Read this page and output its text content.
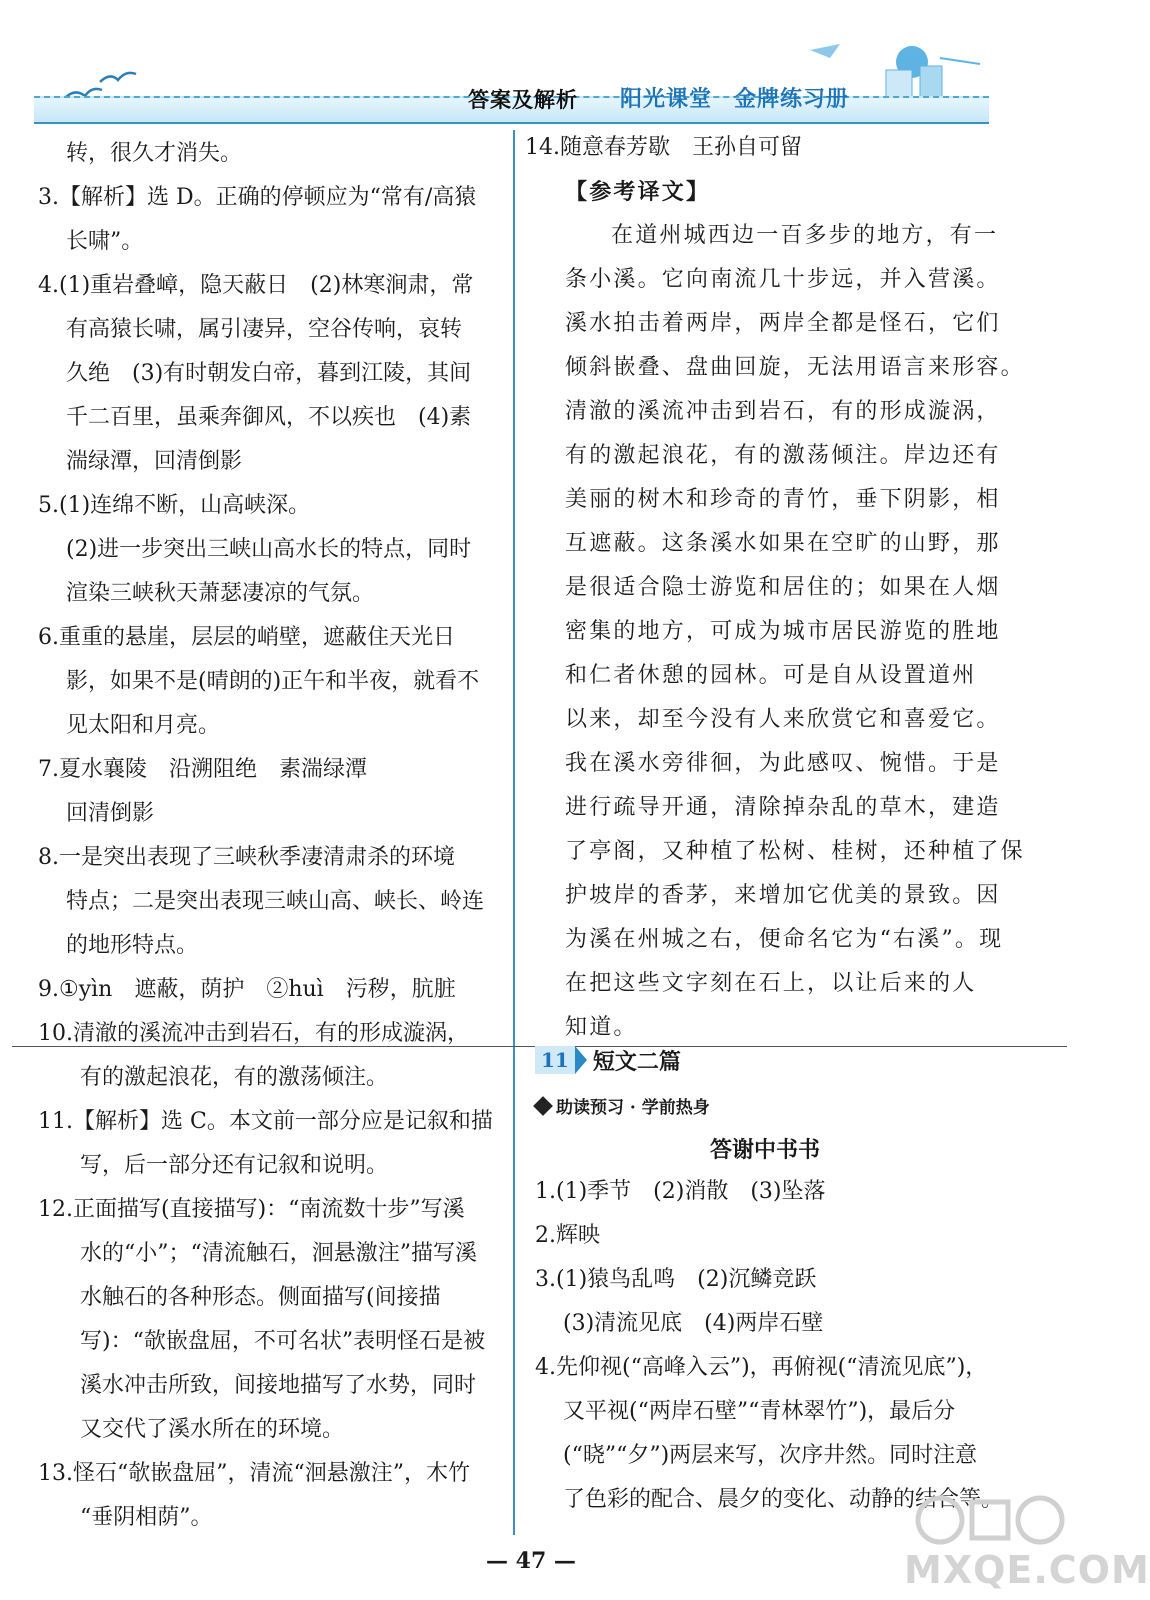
答案及解析 阳光课堂 金牌练习册
转，很久才消失。
3.【解析】选 D。正确的停顿应为“常有/高猿
长啸”。
4.(1)重岩叠嶂，隐天蔽日　(2)林寒涧肃，常
有高猿长啸，属引凄异，空谷传响，哀转
久绝　(3)有时朝发白帝，暮到江陵，其间
千二百里，虽乘奔御风，不以疾也　(4)素
湍绿潭，回清倒影
5.(1)连绵不断，山高峡深。
(2)进一步突出三峡山高水长的特点，同时
渲染三峡秋天萧瑟凄凉的气氛。
6.重重的悬崖，层层的峭壁，遮蔽住天光日
影，如果不是(晴朗的)正午和半夜，就看不
见太阳和月亮。
7.夏水襄陵　沿溯阻绝　素湍绿潭
回清倒影
8.一是突出表现了三峡秋季凄清肃杀的环境
特点；二是突出表现三峡山高、峡长、岭连
的地形特点。
9.①yìn　遮蔽，荫护　②huì　污秽，肮脏
10.清澈的溪流冲击到岩石，有的形成漩涡，
有的激起浪花，有的激荡倾注。
11.【解析】选 C。本文前一部分应是记叙和描
写，后一部分还有记叙和说明。
12.正面描写(直接描写)：“南流数十步”写溪
水的“小”；“清流触石，洄悬激注”描写溪
水触石的各种形态。侧面描写(间接描
写)：“欹嵌盘屈，不可名状”表明怪石是被
溪水冲击所致，间接地描写了水势，同时
又交代了溪水所在的环境。
13.怪石“欹嵌盘屈”，清流“洄悬激注”，木竹
“垂阴相荫”。
14.随意春芳歇　王孙自可留
【参考译文】
在道州城西边一百多步的地方，有一
条小溪。它向南流几十步远，并入营溪。
溪水拍击着两岸，两岸全都是怪石，它们
倾斜嵌叠、盘曲回旋，无法用语言来形容。
清澈的溪流冲击到岩石，有的形成漩涡，
有的激起浪花，有的激荡倾注。岸边还有
美丽的树木和珍奇的青竹，垂下阴影，相
互遮蔽。这条溪水如果在空旷的山野，那
是很适合隐士游览和居住的；如果在人烟
密集的地方，可成为城市居民游览的胜地
和仁者休憩的园林。可是自从设置道州
以来，却至今没有人来欣赏它和喜爱它。
我在溪水旁徘徊，为此感叹、惋惜。于是
进行疏导开通，清除掉杂乱的草木，建造
了亭阁，又种植了松树、桂树，还种植了保
护坡岸的香茅，来增加它优美的景致。因
为溪在州城之右，便命名它为“右溪”。现
在把这些文字刻在石上，以让后来的人
知道。
11 短文二篇
助读预习 · 学前热身
答谢中书书
1.(1)季节　(2)消散　(3)坠落
2.辉映
3.(1)猿鸟乱鸣　(2)沉鳞竞跃
(3)清流见底　(4)两岸石壁
4.先仰视(“高峰入云”)，再俯视(“清流见底”)，
又平视(“两岸石壁”“青林翠竹”)，最后分
(“晓”“夕”)两层来写，次序井然。同时注意
了色彩的配合、晨夕的变化、动静的结合等。
— 47 —	MXQE.COM
